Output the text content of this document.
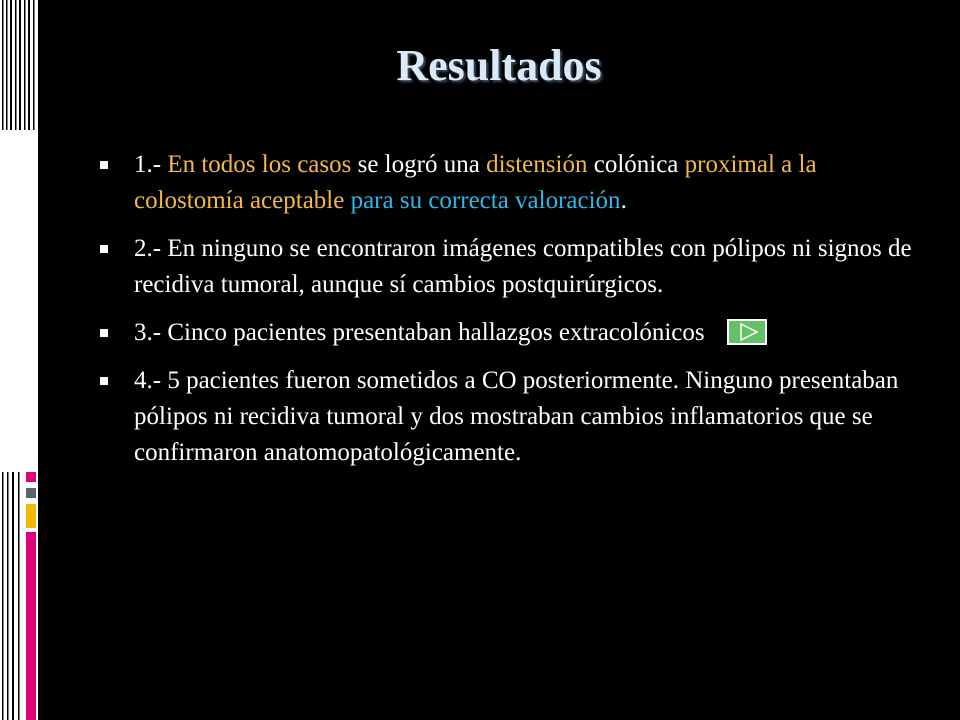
Resultados
1.- En todos los casos se logró una distensión colónica proximal a la colostomía aceptable para su correcta valoración.
2.- En ninguno se encontraron imágenes compatibles con pólipos ni signos de recidiva tumoral, aunque sí cambios postquirúrgicos.
3.- Cinco pacientes presentaban hallazgos extracolónicos
4.- 5 pacientes fueron sometidos a CO posteriormente. Ninguno presentaban pólipos ni recidiva tumoral y dos mostraban cambios inflamatorios que se confirmaron anatomopatológicamente.
